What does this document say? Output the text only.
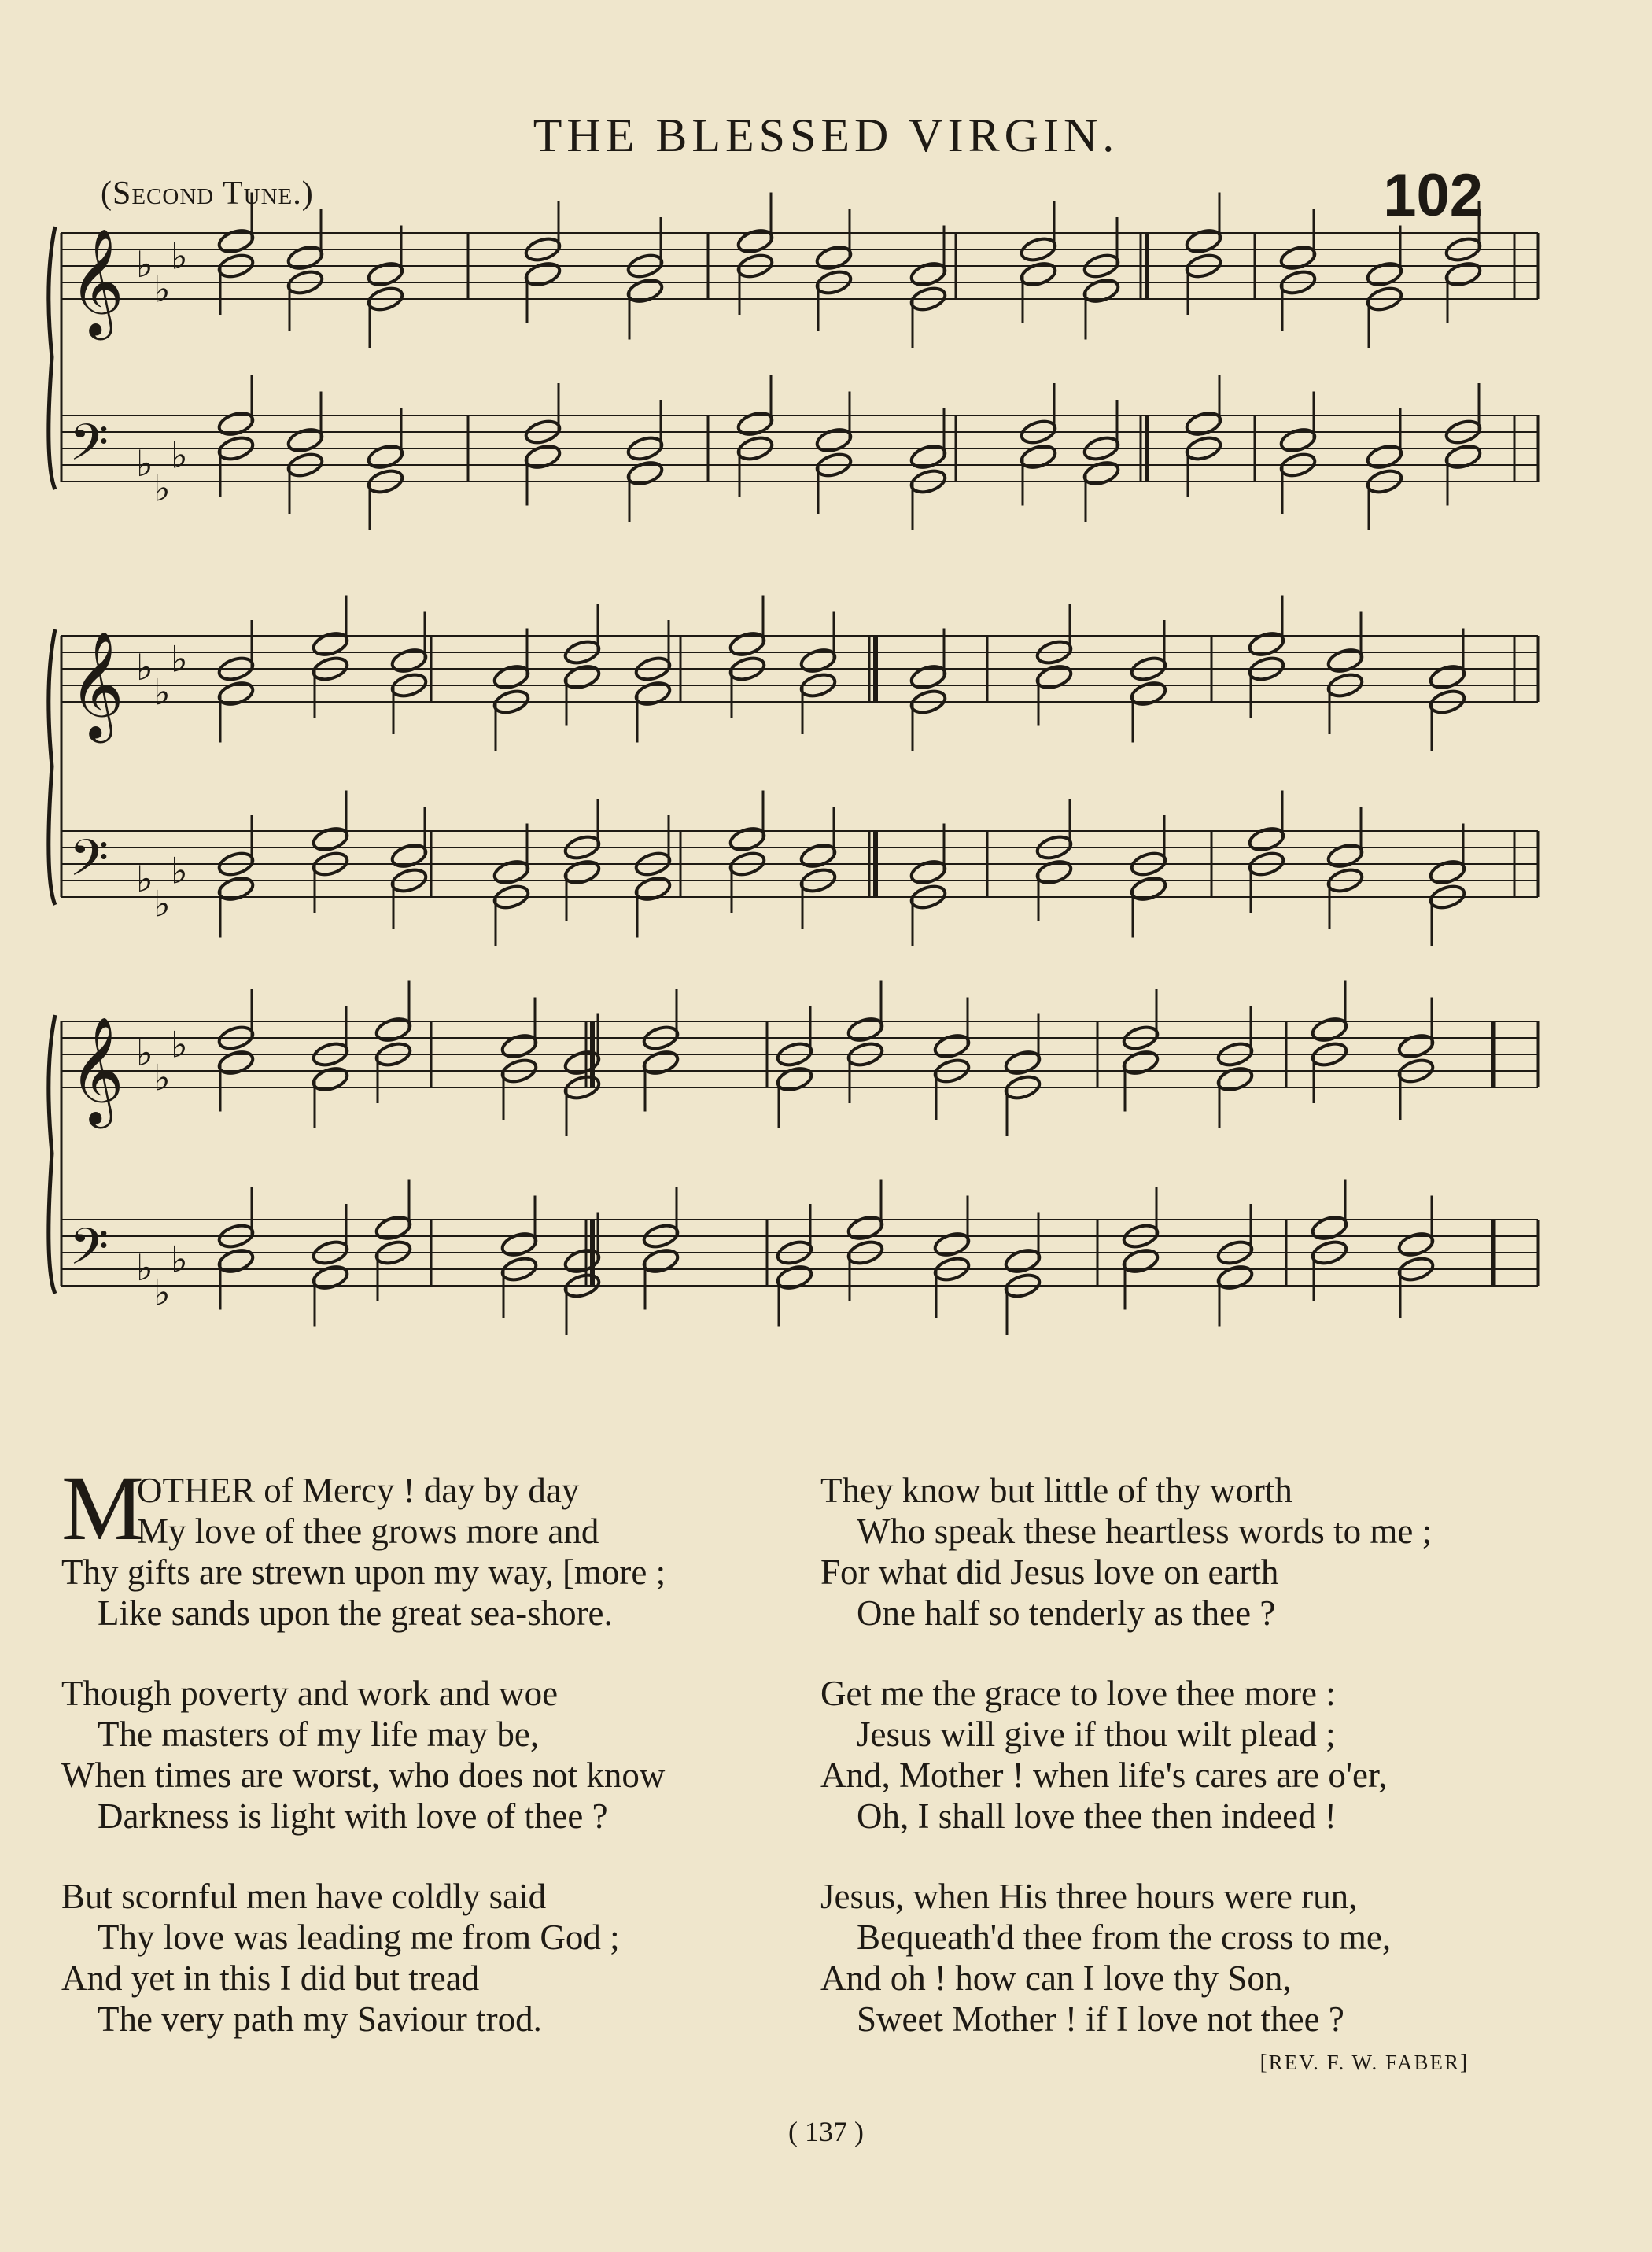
THE BLESSED VIRGIN.
(Second Tune.)	102
𝄞 ♭
♭
♭
𝄢 ♭
♭
♭
𝄞 ♭
♭
♭
𝄢 ♭
♭
♭
𝄞 ♭
♭
♭
𝄢 ♭
♭
♭
M
OTHER of Mercy ! day by day
My love of thee grows more and
Thy gifts are strewn upon my way, [more ;
Like sands upon the great sea-shore.
Though poverty and work and woe
The masters of my life may be,
When times are worst, who does not know
Darkness is light with love of thee ?
But scornful men have coldly said
Thy love was leading me from God ;
And yet in this I did but tread
The very path my Saviour trod.
They know but little of thy worth
Who speak these heartless words to me ;
For what did Jesus love on earth
One half so tenderly as thee ?
Get me the grace to love thee more :
Jesus will give if thou wilt plead ;
And, Mother ! when life's cares are o'er,
Oh, I shall love thee then indeed !
Jesus, when His three hours were run,
Bequeath'd thee from the cross to me,
And oh ! how can I love thy Son,
Sweet Mother ! if I love not thee ?
[REV. F. W. FABER]
( 137 )
